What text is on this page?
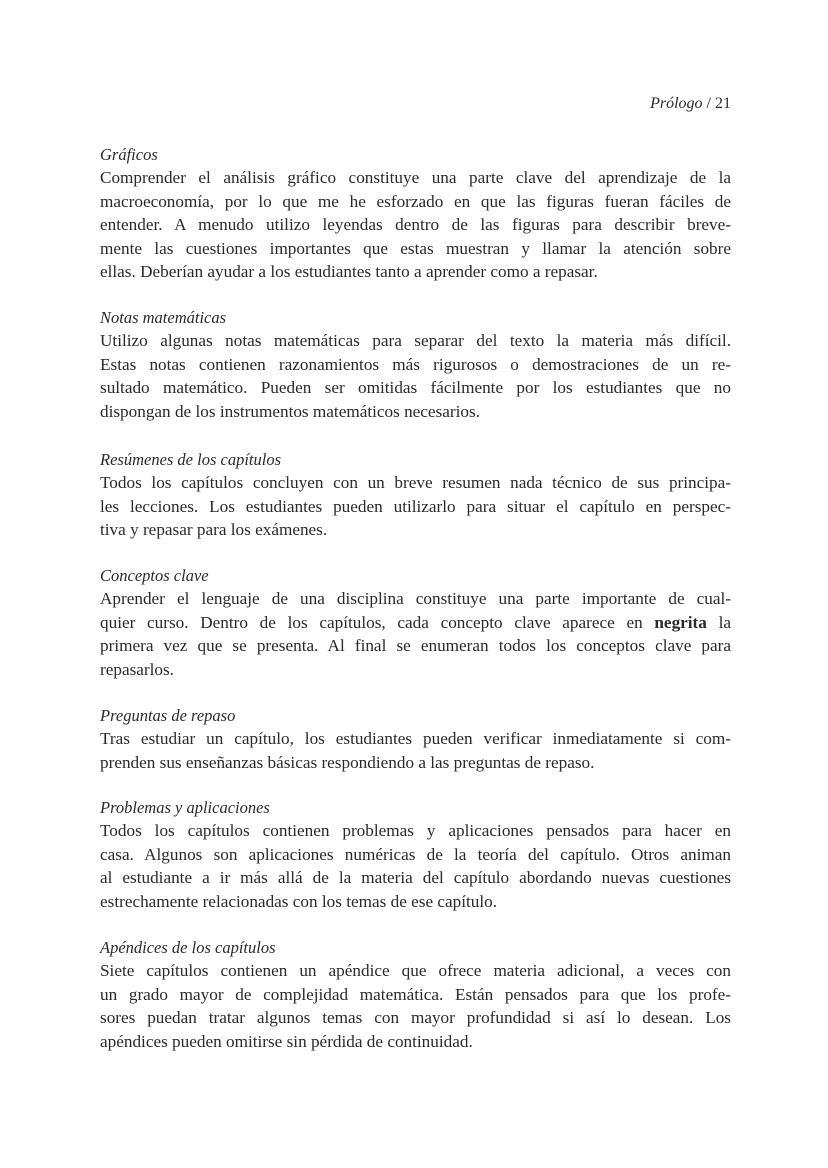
Prólogo / 21
Gráficos
Comprender el análisis gráfico constituye una parte clave del aprendizaje de la
macroeconomía, por lo que me he esforzado en que las figuras fueran fáciles de
entender. A menudo utilizo leyendas dentro de las figuras para describir breve-
mente las cuestiones importantes que estas muestran y llamar la atención sobre
ellas. Deberían ayudar a los estudiantes tanto a aprender como a repasar.
Notas matemáticas
Utilizo algunas notas matemáticas para separar del texto la materia más difícil.
Estas notas contienen razonamientos más rigurosos o demostraciones de un re-
sultado matemático. Pueden ser omitidas fácilmente por los estudiantes que no
dispongan de los instrumentos matemáticos necesarios.
Resúmenes de los capítulos
Todos los capítulos concluyen con un breve resumen nada técnico de sus principa-
les lecciones. Los estudiantes pueden utilizarlo para situar el capítulo en perspec-
tiva y repasar para los exámenes.
Conceptos clave
Aprender el lenguaje de una disciplina constituye una parte importante de cual-
quier curso. Dentro de los capítulos, cada concepto clave aparece en negrita la
primera vez que se presenta. Al final se enumeran todos los conceptos clave para
repasarlos.
Preguntas de repaso
Tras estudiar un capítulo, los estudiantes pueden verificar inmediatamente si com-
prenden sus enseñanzas básicas respondiendo a las preguntas de repaso.
Problemas y aplicaciones
Todos los capítulos contienen problemas y aplicaciones pensados para hacer en
casa. Algunos son aplicaciones numéricas de la teoría del capítulo. Otros animan
al estudiante a ir más allá de la materia del capítulo abordando nuevas cuestiones
estrechamente relacionadas con los temas de ese capítulo.
Apéndices de los capítulos
Siete capítulos contienen un apéndice que ofrece materia adicional, a veces con
un grado mayor de complejidad matemática. Están pensados para que los profe-
sores puedan tratar algunos temas con mayor profundidad si así lo desean. Los
apéndices pueden omitirse sin pérdida de continuidad.
